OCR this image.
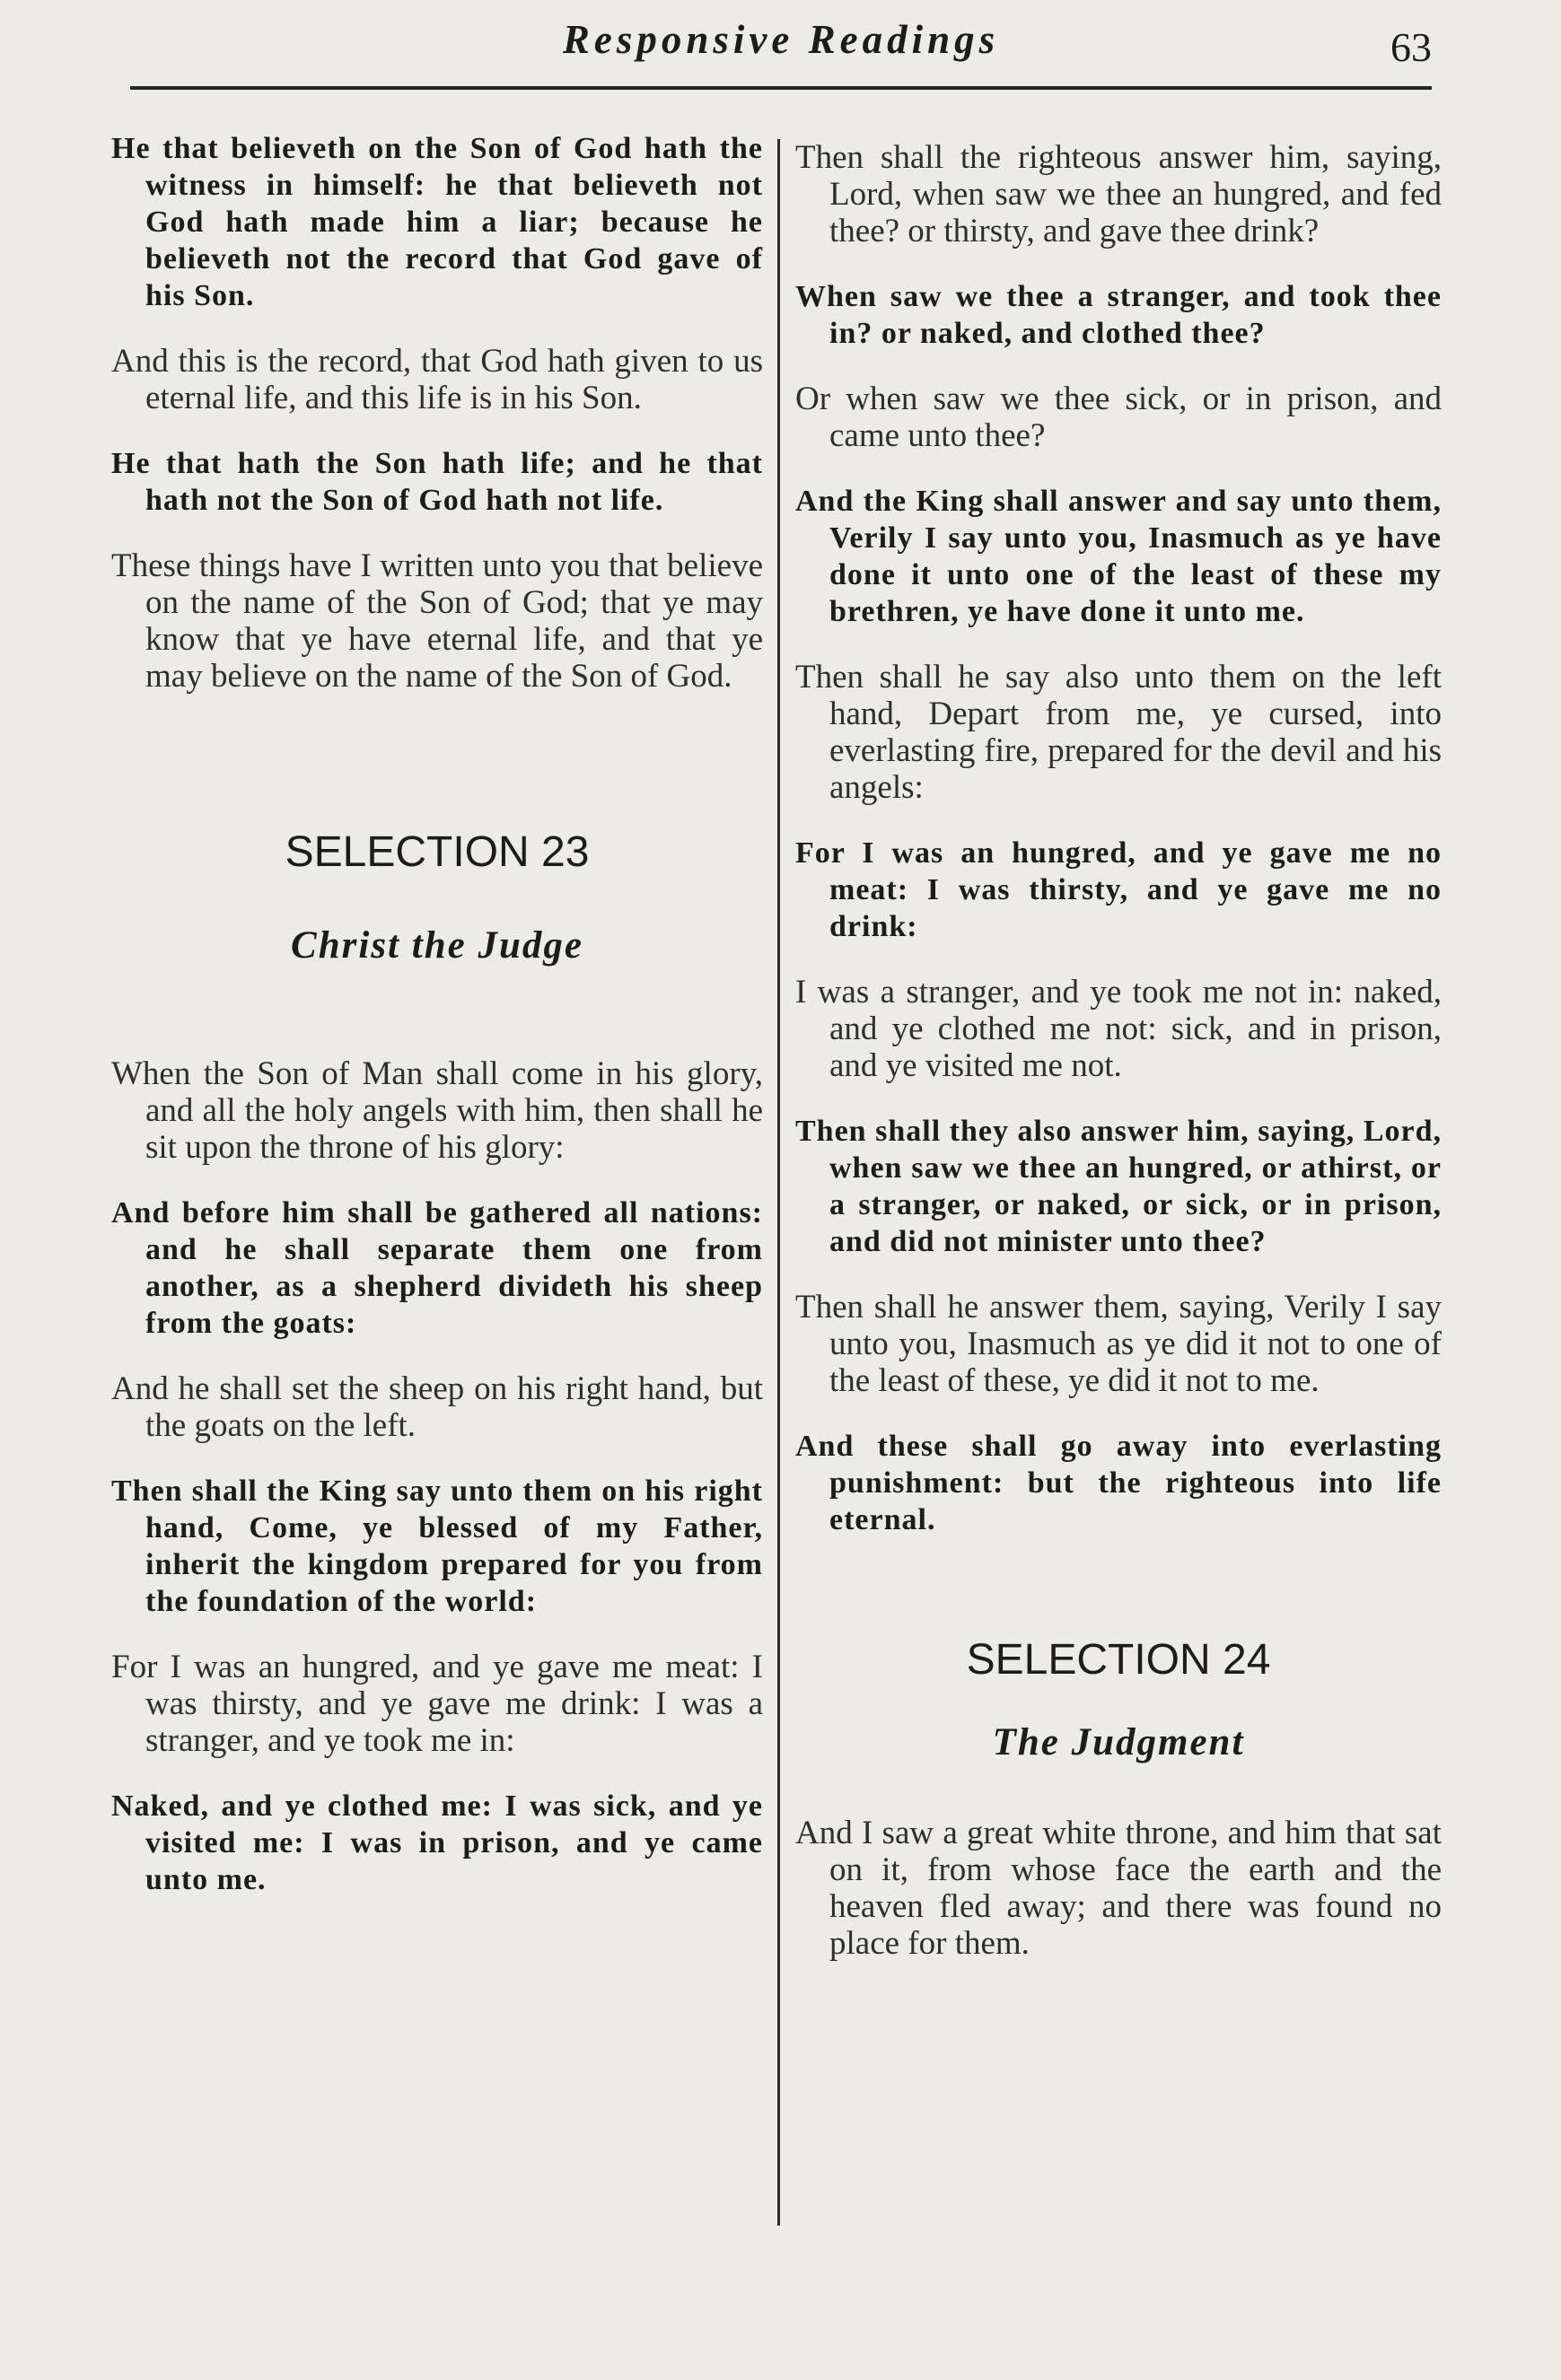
Responsive Readings	63

He that believeth on the Son of God hath the witness in himself: he that believeth not God hath made him a liar; because he believeth not the record that God gave of his Son.

And this is the record, that God hath given to us eternal life, and this life is in his Son.

He that hath the Son hath life; and he that hath not the Son of God hath not life.

These things have I written unto you that believe on the name of the Son of God; that ye may know that ye have eternal life, and that ye may believe on the name of the Son of God.

SELECTION 23

Christ the Judge

When the Son of Man shall come in his glory, and all the holy angels with him, then shall he sit upon the throne of his glory:

And before him shall be gathered all nations: and he shall separate them one from another, as a shepherd divideth his sheep from the goats:

And he shall set the sheep on his right hand, but the goats on the left.

Then shall the King say unto them on his right hand, Come, ye blessed of my Father, inherit the kingdom prepared for you from the foundation of the world:

For I was an hungred, and ye gave me meat: I was thirsty, and ye gave me drink: I was a stranger, and ye took me in:

Naked, and ye clothed me: I was sick, and ye visited me: I was in prison, and ye came unto me.

Then shall the righteous answer him, saying, Lord, when saw we thee an hungred, and fed thee? or thirsty, and gave thee drink?

When saw we thee a stranger, and took thee in? or naked, and clothed thee?

Or when saw we thee sick, or in prison, and came unto thee?

And the King shall answer and say unto them, Verily I say unto you, Inasmuch as ye have done it unto one of the least of these my brethren, ye have done it unto me.

Then shall he say also unto them on the left hand, Depart from me, ye cursed, into everlasting fire, prepared for the devil and his angels:

For I was an hungred, and ye gave me no meat: I was thirsty, and ye gave me no drink:

I was a stranger, and ye took me not in: naked, and ye clothed me not: sick, and in prison, and ye visited me not.

Then shall they also answer him, saying, Lord, when saw we thee an hungred, or athirst, or a stranger, or naked, or sick, or in prison, and did not minister unto thee?

Then shall he answer them, saying, Verily I say unto you, Inasmuch as ye did it not to one of the least of these, ye did it not to me.

And these shall go away into everlasting punishment: but the righteous into life eternal.

SELECTION 24

The Judgment

And I saw a great white throne, and him that sat on it, from whose face the earth and the heaven fled away; and there was found no place for them.
